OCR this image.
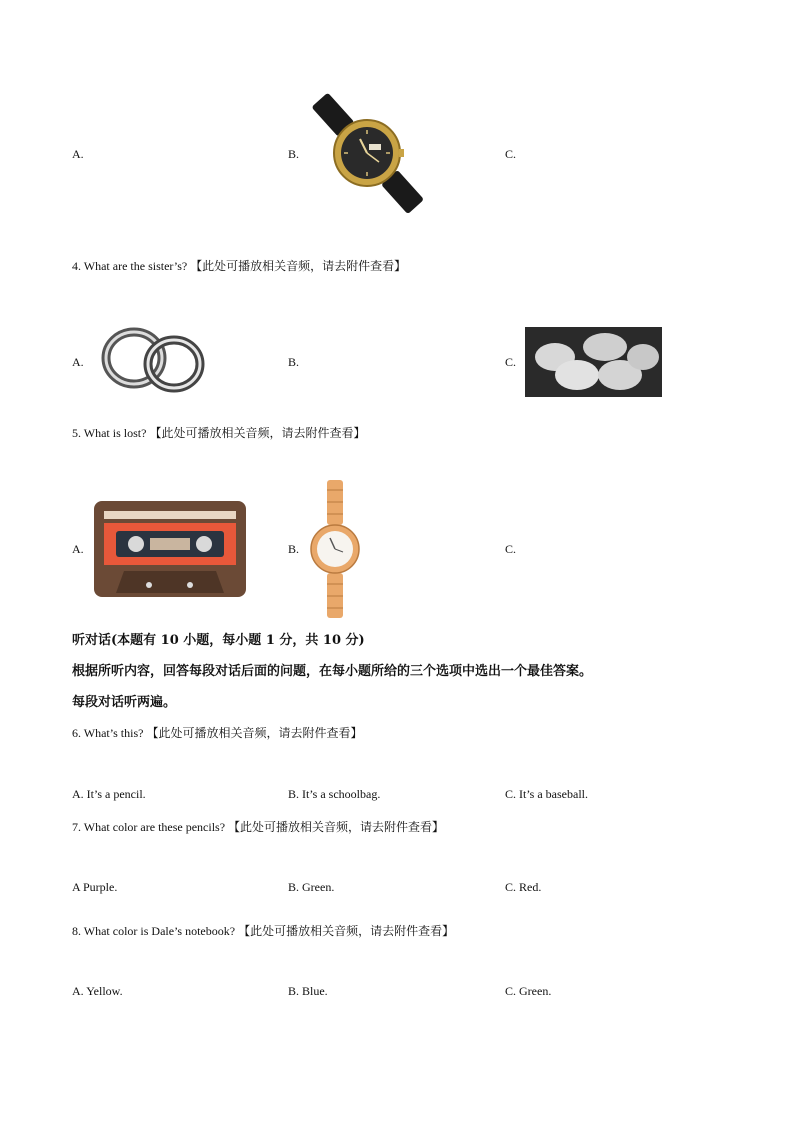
A.	B.	C.
4. What are the sister’s? 【此处可播放相关音频，请去附件查看】
A.	B.	C.
5. What is lost? 【此处可播放相关音频，请去附件查看】
A.	B.	C.
听对话(本题有 10 小题，每小题 1 分，共 10 分)
根据所听内容，回答每段对话后面的问题，在每小题所给的三个选项中选出一个最佳答案。
每段对话听两遍。
6. What’s this? 【此处可播放相关音频，请去附件查看】
A. It’s a pencil.	B. It’s a schoolbag.	C. It’s a baseball.
7. What color are these pencils? 【此处可播放相关音频，请去附件查看】
A Purple.	B. Green.	C. Red.
8. What color is Dale’s notebook? 【此处可播放相关音频，请去附件查看】
A. Yellow.	B. Blue.	C. Green.
